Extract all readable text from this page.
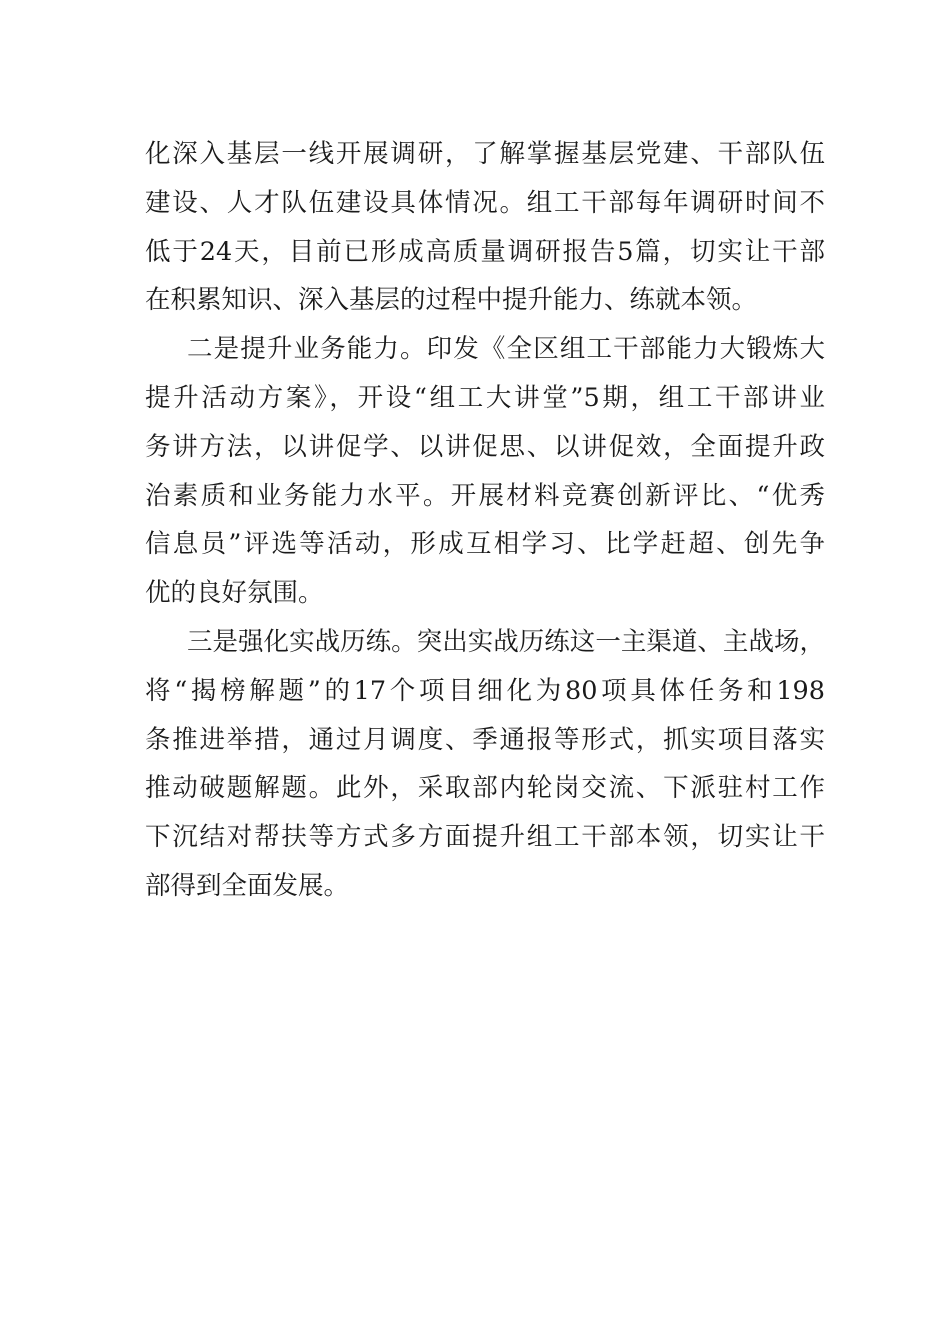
化深入基层一线开展调研，了解掌握基层党建、干部队伍
建设、人才队伍建设具体情况。组工干部每年调研时间不
低于24天，目前已形成高质量调研报告5篇，切实让干部
在积累知识、深入基层的过程中提升能力、练就本领。
二是提升业务能力。印发《全区组工干部能力大锻炼大
提升活动方案》，开设“组工大讲堂”5期，组工干部讲业
务讲方法，以讲促学、以讲促思、以讲促效，全面提升政
治素质和业务能力水平。开展材料竞赛创新评比、“优秀
信息员”评选等活动，形成互相学习、比学赶超、创先争
优的良好氛围。
三是强化实战历练。突出实战历练这一主渠道、主战场，
将“揭榜解题”的17个项目细化为80项具体任务和198
条推进举措，通过月调度、季通报等形式，抓实项目落实
推动破题解题。此外，采取部内轮岗交流、下派驻村工作
下沉结对帮扶等方式多方面提升组工干部本领，切实让干
部得到全面发展。
